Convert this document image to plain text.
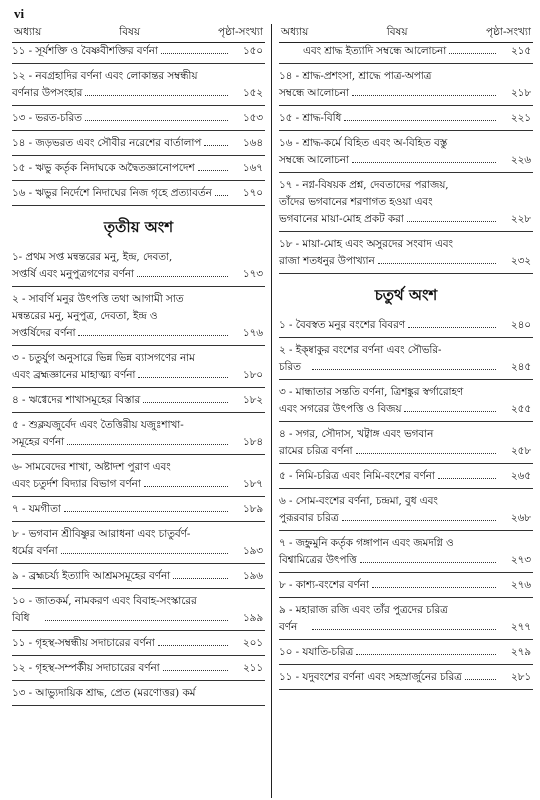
vi
অধ্যায়	বিষয়	পৃষ্ঠা-সংখ্যা
১১ - সূর্যশক্তি ও বৈষ্ণবীশক্তির বর্ণনা	১৫০
১২ - নবগ্রহাদির বর্ণনা এবং লোকান্তর সম্বন্ধীয়
বর্ণনার উপসংহার	১৫২
১৩ - ভরত-চরিত	১৫৩
১৪ - জড়ভরত এবং সৌবীর নরেশের বার্তালাপ	১৬৪
১৫ - ঋভু কর্তৃক নিদাঘকে অদ্বৈতজ্ঞানোপদেশ	১৬৭
১৬ - ঋভুর নির্দেশে নিদাঘের নিজ গৃহে প্রত্যাবর্তন	১৭০
তৃতীয় অংশ
১- প্রথম সপ্ত মন্বন্তরের মনু, ইন্দ্র, দেবতা,
সপ্তর্ষি এবং মনুপুত্রগণের বর্ণনা	১৭৩
২ - সাবর্ণি মনুর উৎপত্তি তথা আগামী সাত
মন্বন্তরের মনু, মনুপুত্র, দেবতা, ইন্দ্র ও
সপ্তর্ষিদের বর্ণনা	১৭৬
৩ - চতুর্যুগ অনুসারে ভিন্ন ভিন্ন ব্যাসগণের নাম
এবং ব্রহ্মজ্ঞানের মাহাত্ম্য বর্ণনা	১৮০
৪ - ঋগ্বেদের শাখাসমূহের বিস্তার	১৮২
৫ - শুক্লযজুর্বেদ এবং তৈত্তিরীয় যজুঃশাখা-
সমূহের বর্ণনা	১৮৪
৬- সামবেদের শাখা, অষ্টাদশ পুরাণ এবং
এবং চতুর্দশ বিদ্যার বিভাগ বর্ণনা	১৮৭
৭ - যমগীতা	১৮৯
৮ - ভগবান শ্রীবিষ্ণুর আরাধনা এবং চাতুর্বর্ণ-
ধর্মের বর্ণনা	১৯৩
৯ - ব্রহ্মচর্য্য ইত্যাদি আশ্রমসমূহের বর্ণনা	১৯৬
১০ - জাতকর্ম, নামকরণ এবং বিবাহ-সংস্কারের
বিধি	১৯৯
১১ - গৃহস্থ-সম্বন্ধীয় সদাচারের বর্ণনা	২০১
১২ - গৃহস্থ-সম্পর্কীয় সদাচারের বর্ণনা	২১১
১৩ - আভ্যুদায়িক শ্রাদ্ধ, প্রেত (মরণোত্তর) কর্ম
অধ্যায়	বিষয়	পৃষ্ঠা-সংখ্যা
এবং শ্রাদ্ধ ইত্যাদি সম্বন্ধে আলোচনা	২১৫
১৪ - শ্রাদ্ধ-প্রশংসা, শ্রাদ্ধে পাত্র-অপাত্র
সম্বন্ধে আলোচনা	২১৮
১৫ - শ্রাদ্ধ-বিধি	২২১
১৬ - শ্রাদ্ধ-কর্মে বিহিত এবং অ-বিহিত বস্তু
সম্বন্ধে আলোচনা	২২৬
১৭ - নগ্ন-বিষয়ক প্রশ্ন, দেবতাদের পরাজয়,
তাঁদের ভগবানের শরণাগত হওয়া এবং
ভগবানের মায়া-মোহ প্রকট করা	২২৮
১৮ - মায়া-মোহ এবং অসুরদের সংবাদ এবং
রাজা শতধনুর উপাখ্যান	২৩২
চতুর্থ অংশ
১ - বৈবস্বত মনুর বংশের বিবরণ	২৪০
২ - ইক্ষ্বাকুর বংশের বর্ণনা এবং সৌভরি-
চরিত	২৪৫
৩ - মান্ধাতার সন্ততি বর্ণনা, ত্রিশঙ্কুর স্বর্গারোহণ
এবং সগরের উৎপত্তি ও বিজয়	২৫৫
৪ - সগর, সৌদাস, খট্বাঙ্গ এবং ভগবান
রামের চরিত্র বর্ণনা	২৫৮
৫ - নিমি-চরিত্র এবং নিমি-বংশের বর্ণনা	২৬৫
৬ - সোম-বংশের বর্ণনা, চন্দ্রমা, বুধ এবং
পুরূরবার চরিত্র	২৬৮
৭ - জহ্নুমুনি কর্তৃক গঙ্গাপান এবং জমদগ্নি ও
বিশ্বামিত্রের উৎপত্তি	২৭৩
৮ - কাশ্য-বংশের বর্ণনা	২৭৬
৯ - মহারাজ রজি এবং তাঁর পুত্রদের চরিত্র
বর্ণন	২৭৭
১০ - যযাতি-চরিত্র	২৭৯
১১ - যদুবংশের বর্ণনা এবং সহস্রার্জুনের চরিত্র	২৮১
